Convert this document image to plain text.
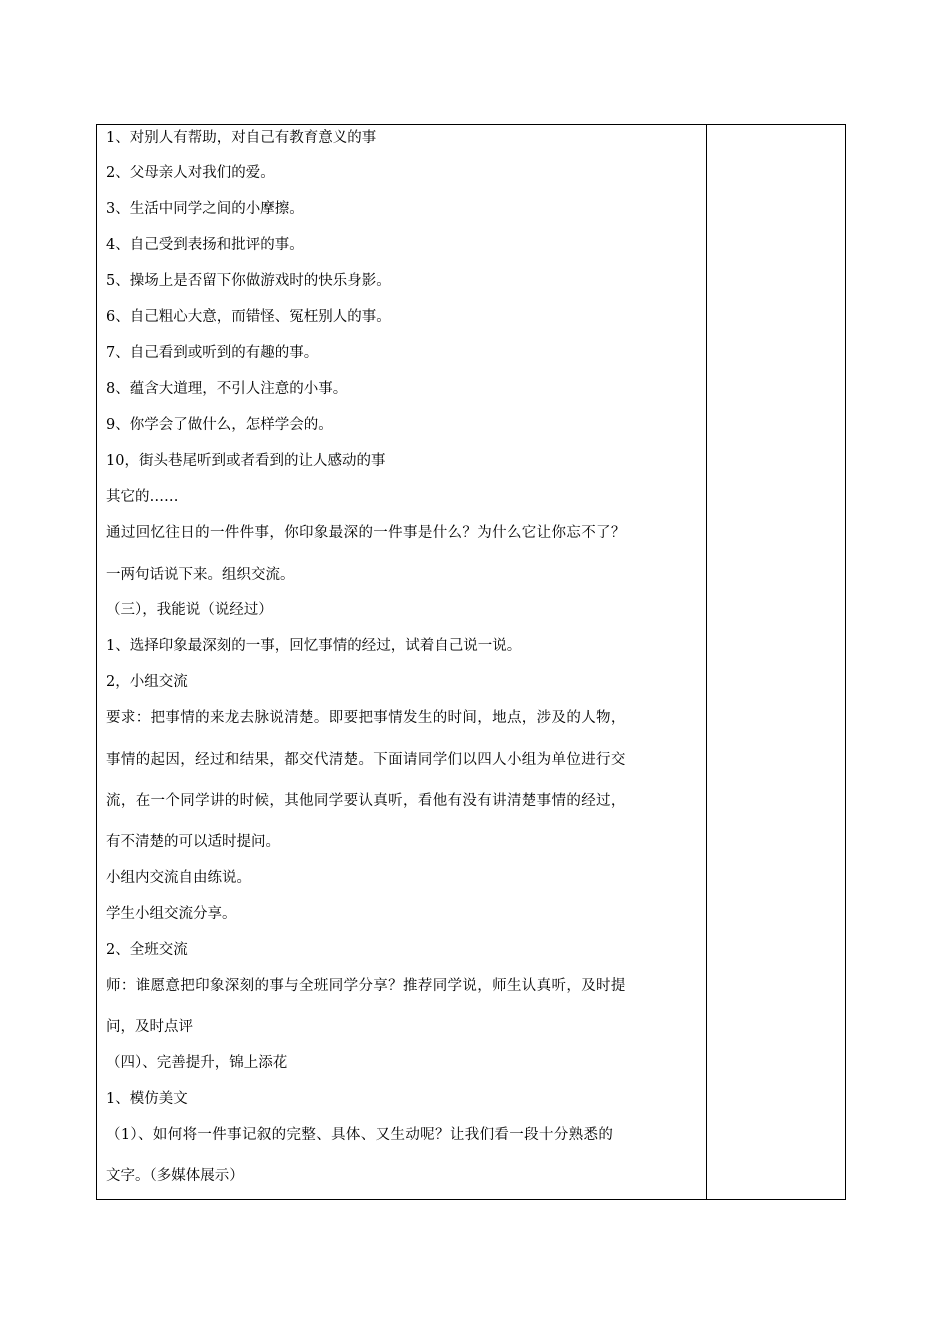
1、对别人有帮助，对自己有教育意义的事
2、父母亲人对我们的爱。
3、生活中同学之间的小摩擦。
4、自己受到表扬和批评的事。
5、操场上是否留下你做游戏时的快乐身影。
6、自己粗心大意，而错怪、冤枉别人的事。
7、自己看到或听到的有趣的事。
8、蕴含大道理，不引人注意的小事。
9、你学会了做什么，怎样学会的。
10，街头巷尾听到或者看到的让人感动的事
其它的……
通过回忆往日的一件件事，你印象最深的一件事是什么？为什么它让你忘不了？
一两句话说下来。组织交流。
（三），我能说（说经过）
1、选择印象最深刻的一事，回忆事情的经过，试着自己说一说。
2，小组交流
要求：把事情的来龙去脉说清楚。即要把事情发生的时间，地点，涉及的人物，
事情的起因，经过和结果，都交代清楚。下面请同学们以四人小组为单位进行交
流，在一个同学讲的时候，其他同学要认真听，看他有没有讲清楚事情的经过，
有不清楚的可以适时提问。
小组内交流自由练说。
学生小组交流分享。
2、全班交流
师：谁愿意把印象深刻的事与全班同学分享？推荐同学说，师生认真听，及时提
问，及时点评
（四）、完善提升，锦上添花
1、模仿美文
（1）、如何将一件事记叙的完整、具体、又生动呢？让我们看一段十分熟悉的
文字。（多媒体展示）
